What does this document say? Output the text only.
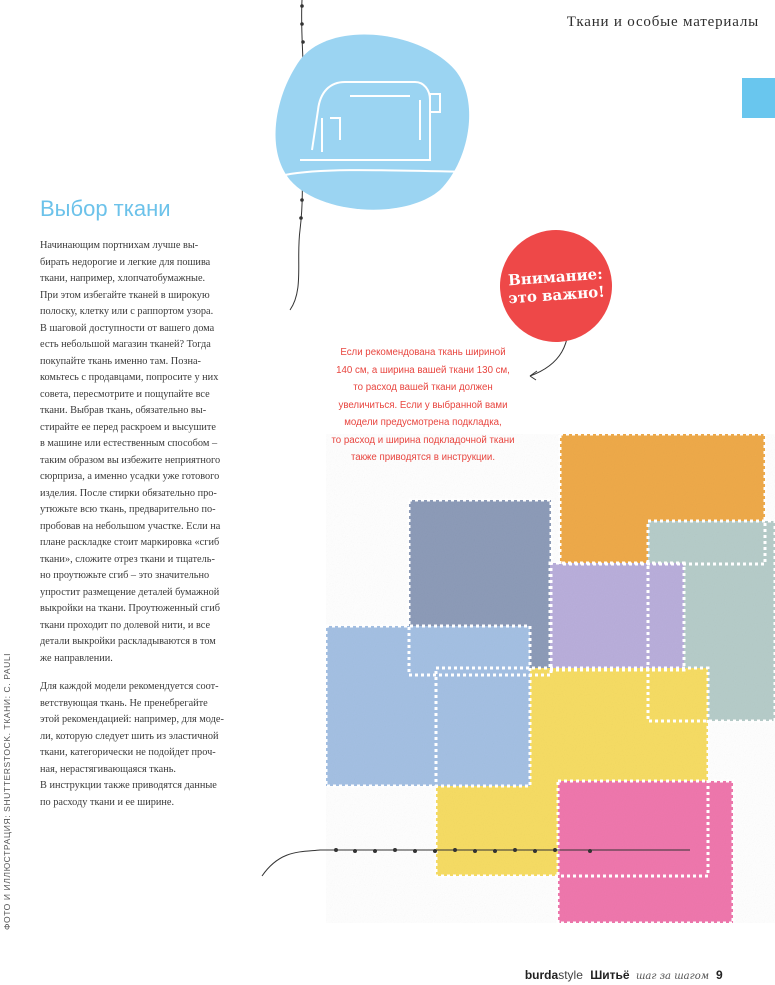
Ткани и особые материалы
Выбор ткани

Начинающим портнихам лучше вы-
бирать недорогие и легкие для пошива
ткани, например, хлопчатобумажные.
При этом избегайте тканей в широкую
полоску, клетку или с раппортом узора.
В шаговой доступности от вашего дома
есть небольшой магазин тканей? Тогда
покупайте ткань именно там. Позна-
комьтесь с продавцами, попросите у них
совета, пересмотрите и пощупайте все
ткани. Выбрав ткань, обязательно вы-
стирайте ее перед раскроем и высушите
в машине или естественным способом –
таким образом вы избежите неприятного
сюрприза, а именно усадки уже готового
изделия. После стирки обязательно про-
утюжьте всю ткань, предварительно по-
пробовав на небольшом участке. Если на
плане раскладке стоит маркировка «сгиб
ткани», сложите отрез ткани и тщатель-
но проутюжьте сгиб – это значительно
упростит размещение деталей бумажной
выкройки на ткани. Проутюженный сгиб
ткани проходит по долевой нити, и все
детали выкройки раскладываются в том
же направлении.

Для каждой модели рекомендуется соот-
ветствующая ткань. Не пренебрегайте
этой рекомендацией: например, для моде-
ли, которую следует шить из эластичной
ткани, категорически не подойдет проч-
ная, нерастягивающаяся ткань.
В инструкции также приводятся данные
по расходу ткани и ее ширине.

ФОТО И ИЛЛЮСТРАЦИЯ: SHUTTERSTOCK. ТКАНИ: С. PAULI
Внимание:
это важно!
Если рекомендована ткань шириной
140 см, а ширина вашей ткани 130 см,
то расход вашей ткани должен
увеличиться. Если у выбранной вами
модели предусмотрена подкладка,
то расход и ширина подкладочной ткани
также приводятся в инструкции.
burdastyle Шитьё шаг за шагом 9
